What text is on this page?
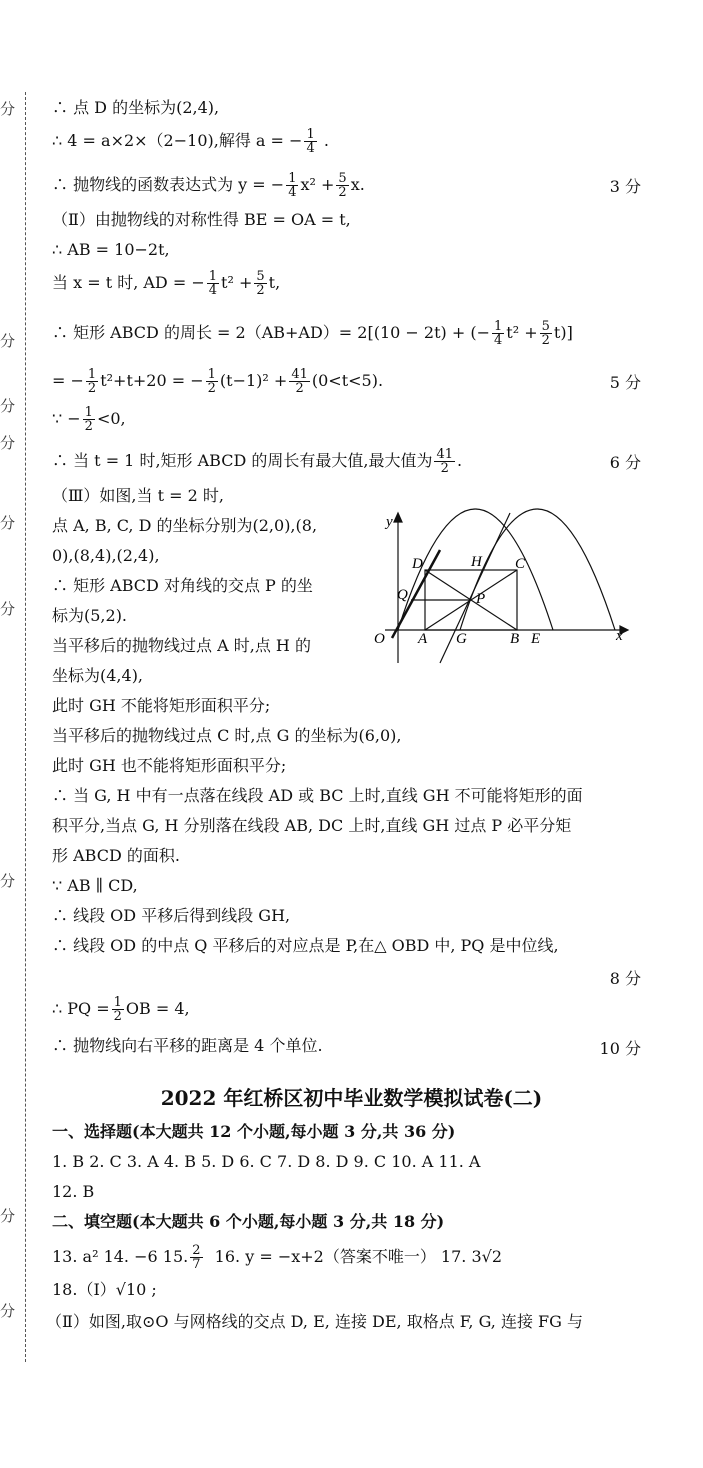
分
分
分
分
分
分
分
分
分
∴ 点 D 的坐标为(2,4),
∴ 4 = a×2×（2−10),解得 a = − $\frac{1}{4}$ .
∴ 抛物线的函数表达式为 y = − $\frac{1}{4} x^2 + \frac{5}{2} x$.	3 分
（Ⅱ）由抛物线的对称性得 BE = OA = t,
∴ AB = 10−2t,
当 x = t 时, AD = − $\frac{1}{4} t^2 + \frac{5}{2} t$,
∴ 矩形 ABCD 的周长 = 2（AB+AD）= 2[(10 − 2t) + (− $\frac{1}{4} t^2 + \frac{5}{2} t$)]
= − $\frac{1}{2} t^2+t+20$ = − $\frac{1}{2} (t-1)^2 + \frac{41}{2} (0<t<5)$.	5 分
∵ − $\frac{1}{2} <0$,
∴ 当 t = 1 时,矩形 ABCD 的周长有最大值,最大值为 $\frac{41}{2}$ .	6 分
（Ⅲ）如图,当 t = 2 时,
点 A, B, C, D 的坐标分别为(2,0),(8,
0),(8,4),(2,4),
∴ 矩形 ABCD 对角线的交点 P 的坐
标为(5,2).
当平移后的抛物线过点 A 时,点 H 的
坐标为(4,4),
此时 GH 不能将矩形面积平分;
当平移后的抛物线过点 C 时,点 G 的坐标为(6,0),
此时 GH 也不能将矩形面积平分;
∴ 当 G, H 中有一点落在线段 AD 或 BC 上时,直线 GH 不可能将矩形的面
积平分,当点 G, H 分别落在线段 AB, DC 上时,直线 GH 过点 P 必平分矩
形 ABCD 的面积.
∵ AB ∥ CD,
∴ 线段 OD 平移后得到线段 GH,
∴ 线段 OD 的中点 Q 平移后的对应点是 P,在△ OBD 中, PQ 是中位线,
8 分
∴ PQ = $\frac{1}{2}$ OB = 4,
∴ 抛物线向右平移的距离是 4 个单位.	10 分
y
x
O A G	B E
D	H C
Q	P
2022 年红桥区初中毕业数学模拟试卷(二)
一、选择题(本大题共 12 个小题,每小题 3 分,共 36 分)
1. B 2. C 3. A 4. B 5. D 6. C 7. D 8. D 9. C 10. A 11. A
12. B
二、填空题(本大题共 6 个小题,每小题 3 分,共 18 分)
13. a² 14. −6 15. $\frac{2}{7} 16$. y = −x+2（答案不唯一） 17. 3√2
18.（Ⅰ）√10 ;
（Ⅱ）如图,取⊙O 与网格线的交点 D, E, 连接 DE, 取格点 F, G, 连接 FG 与
